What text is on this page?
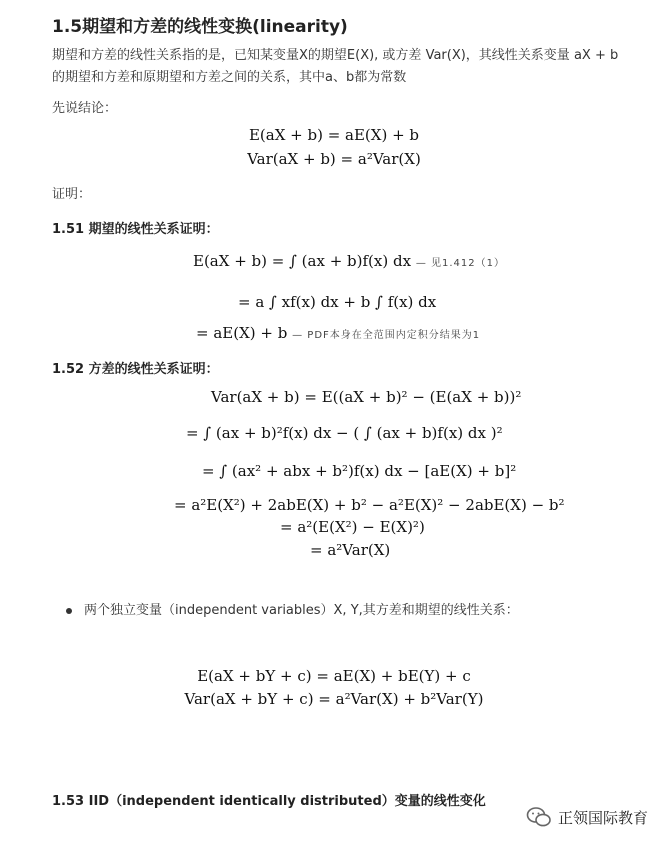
1.5期望和方差的线性变换(linearity)
期望和方差的线性关系指的是，已知某变量X的期望E(X), 或方差 Var(X)，其线性关系变量 aX + b
的期望和方差和原期望和方差之间的关系，其中a、b都为常数
先说结论：
E(aX + b) = aE(X) + b
Var(aX + b) = a²Var(X)
证明：
1.51 期望的线性关系证明：
E(aX + b) = ∫ (ax + b)f(x) dx — 见1.412（1）
= a ∫ xf(x) dx + b ∫ f(x) dx
= aE(X) + b — PDF本身在全范围内定积分结果为1
1.52 方差的线性关系证明：
Var(aX + b) = E((aX + b)² − (E(aX + b))²
= ∫ (ax + b)²f(x) dx − ( ∫ (ax + b)f(x) dx )²
= ∫ (ax² + abx + b²)f(x) dx − [aE(X) + b]²
= a²E(X²) + 2abE(X) + b² − a²E(X)² − 2abE(X) − b²
= a²(E(X²) − E(X)²)
= a²Var(X)
两个独立变量（independent variables）X, Y,其方差和期望的线性关系：
E(aX + bY + c) = aE(X) + bE(Y) + c
Var(aX + bY + c) = a²Var(X) + b²Var(Y)
1.53 IID（independent identically distributed）变量的线性变化
正领国际教育
